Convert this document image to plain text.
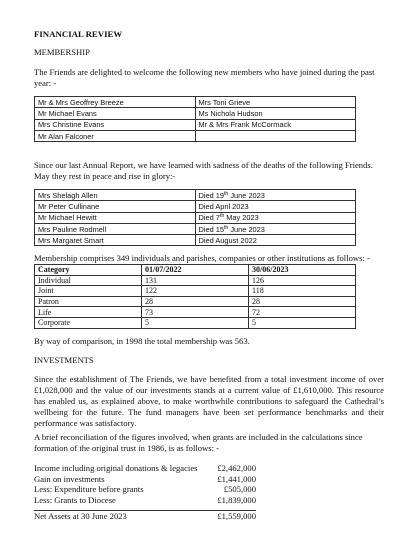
FINANCIAL REVIEW
MEMBERSHIP
The Friends are delighted to welcome the following new members who have joined during the past year: -
Mr & Mrs Geoffrey Breeze	Mrs Toni Grieve
Mr Michael Evans	Ms Nichola Hudson
Mrs Christine Evans	Mr & Mrs Frank McCormack
Mr Alan Falconer	
Since our last Annual Report, we have learned with sadness of the deaths of the following Friends. May they rest in peace and rise in glory:-
Mrs Shelagh Allen	Died 19th June 2023
Mr Peter Cullinane	Died April 2023
Mr Michael Hewitt	Died 7th May 2023
Mrs Pauline Rodmell	Died 15th June 2023
Mrs Margaret Smart	Died August 2022
Membership comprises 349 individuals and parishes, companies or other institutions as follows: -
Category	01/07/2022	30/06/2023
Individual	131	126
Joint	122	118
Patron	28	28
Life	73	72
Corporate	5	5
By way of comparison, in 1998 the total membership was 563.
INVESTMENTS
Since the establishment of The Friends, we have benefited from a total investment income of over £1,028,000 and the value of our investments stands at a current value of £1,610,000. This resource has enabled us, as explained above, to make worthwhile contributions to safeguard the Cathedral’s wellbeing for the future. The fund managers have been set performance benchmarks and their performance was satisfactory.
A brief reconciliation of the figures involved, when grants are included in the calculations since formation of the original trust in 1986, is as follows: -
Income including original donations & legacies £2,462,000
Gain on investments	£1,441,000
Less: Expenditure before grants	£505,000
Less: Grants to Diocese	£1,839,000
Net Assets at 30 June 2023	£1,559,000
